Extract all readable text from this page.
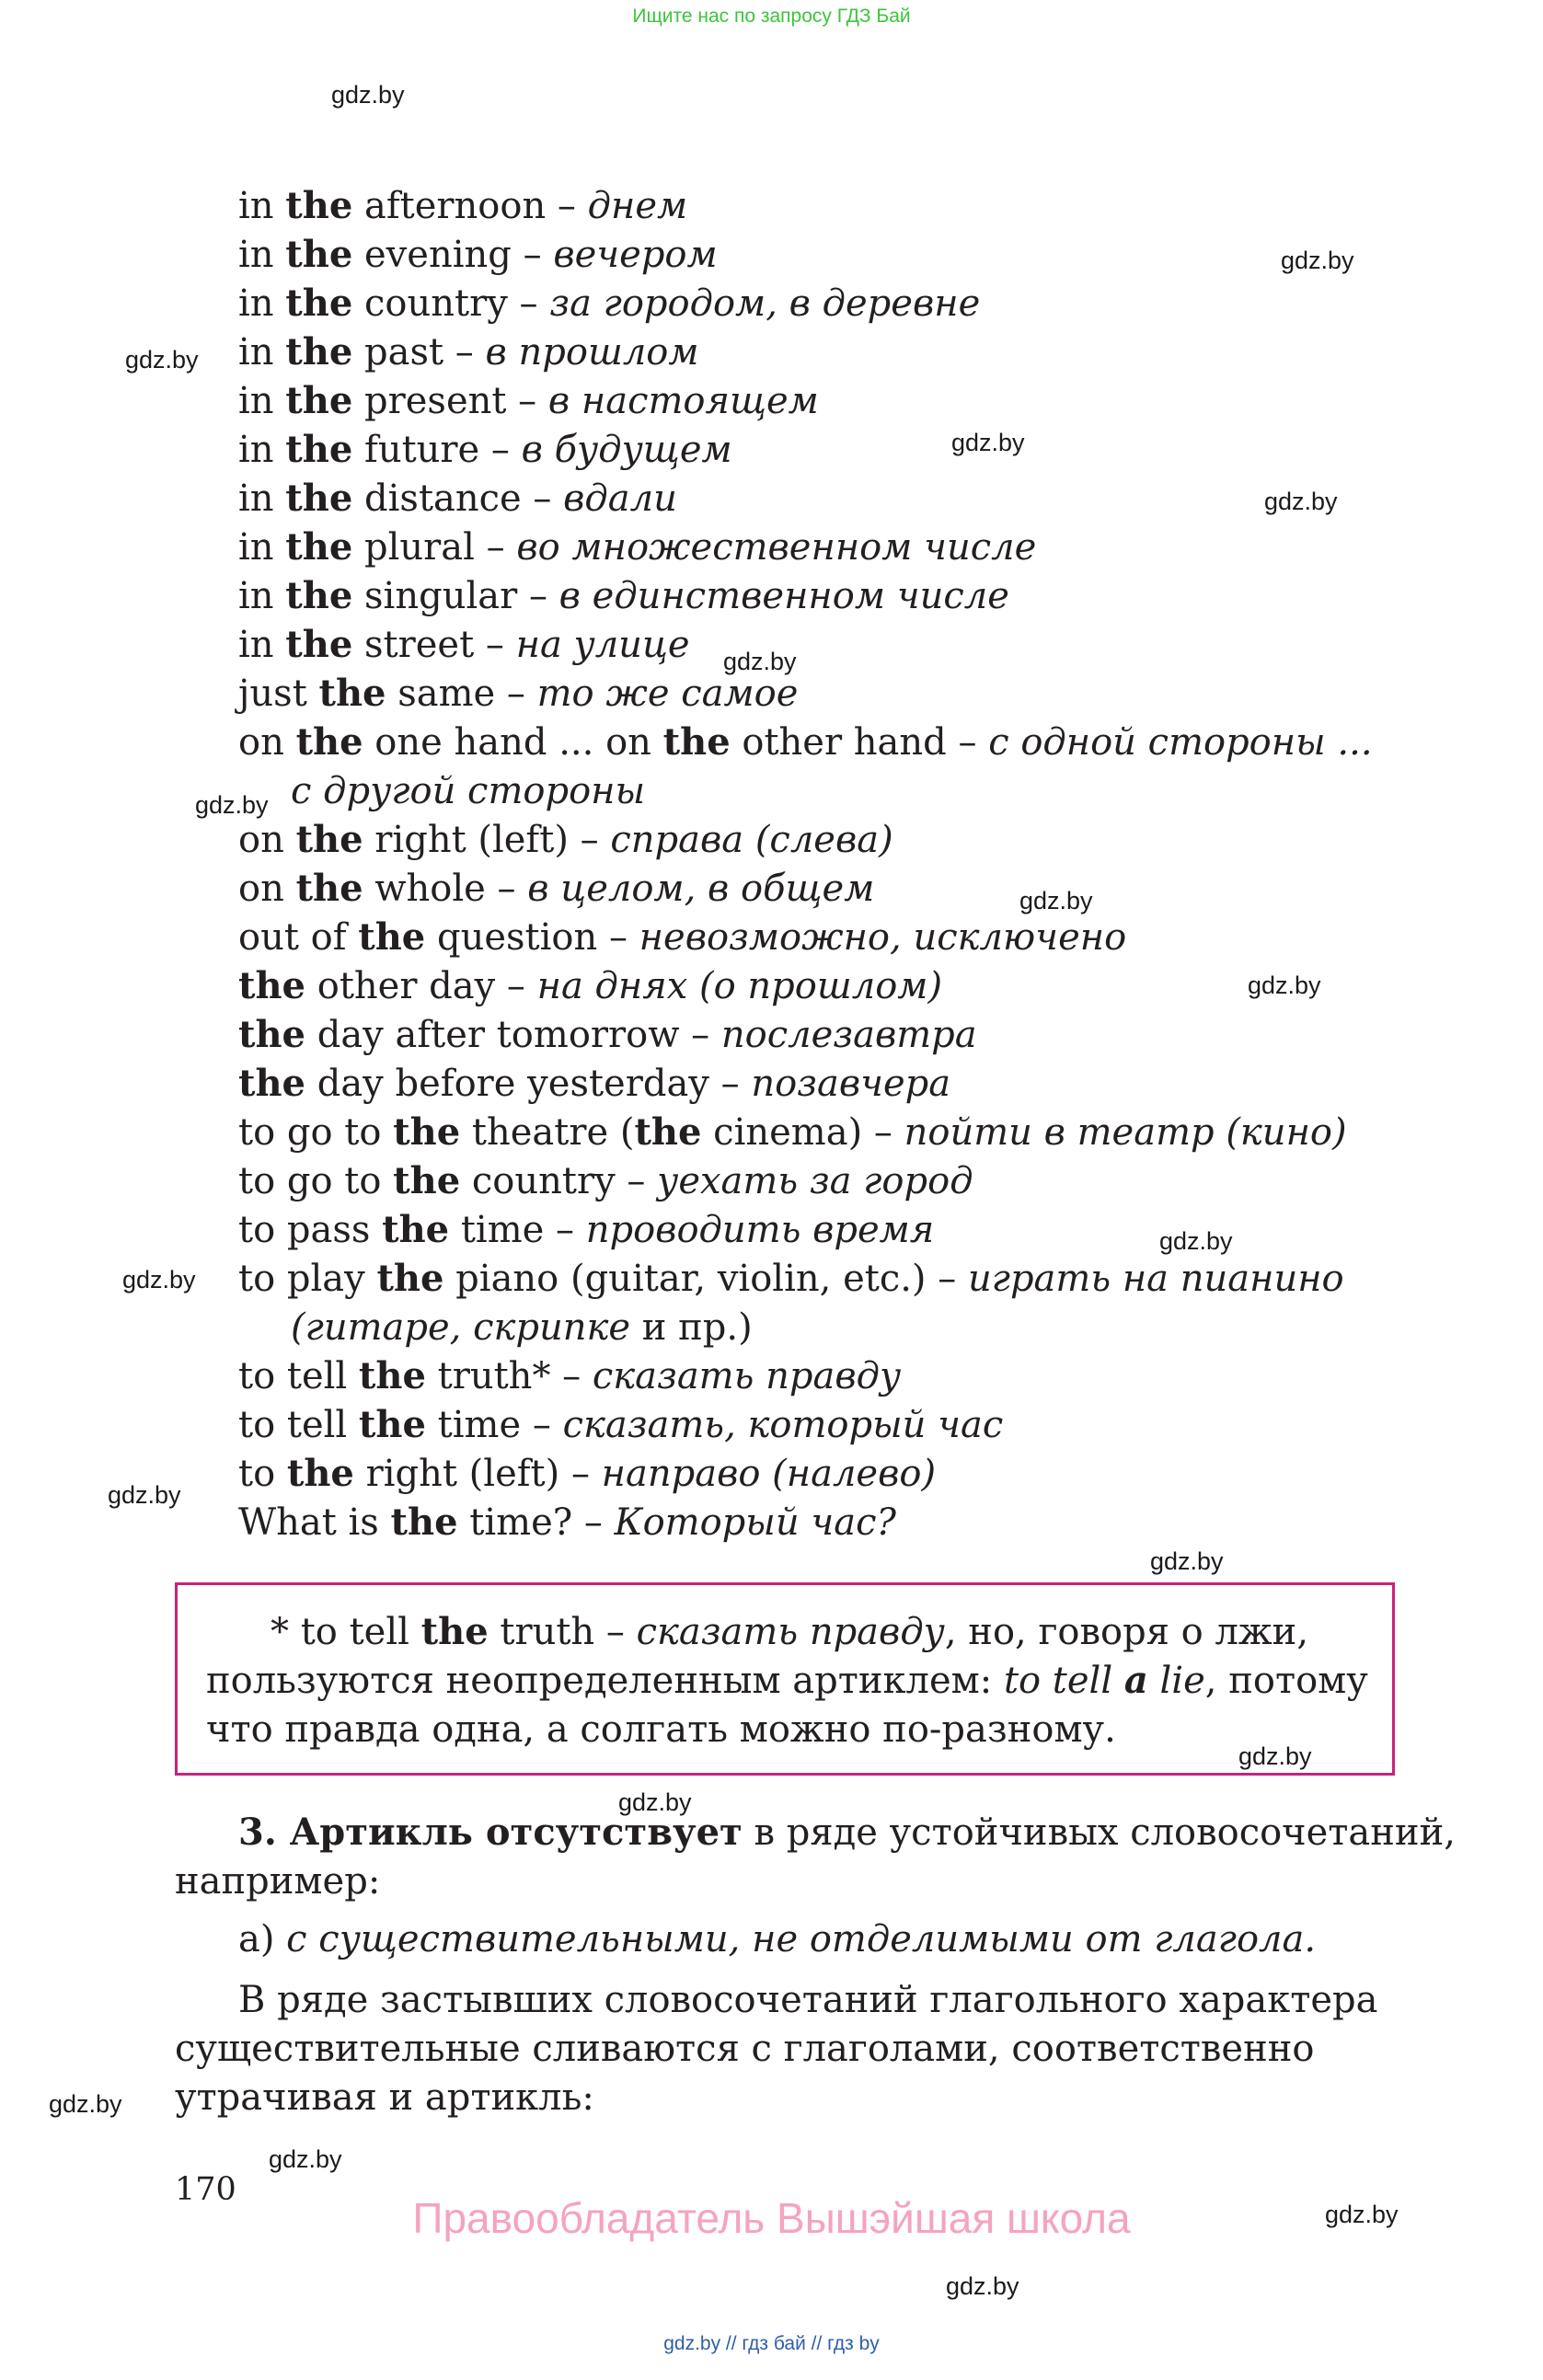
Ищите нас по запросу ГДЗ Бай
gdz.by
gdz.by
gdz.by
gdz.by
gdz.by
gdz.by
gdz.by
gdz.by
gdz.by
gdz.by
gdz.by
gdz.by
gdz.by
gdz.by
gdz.by
gdz.by
gdz.by
gdz.by
gdz.by
in the afternoon – днем
in the evening – вечером
in the country – за городом, в деревне
in the past – в прошлом
in the present – в настоящем
in the future – в будущем
in the distance – вдали
in the plural – во множественном числе
in the singular – в единственном числе
in the street – на улице
just the same – то же самое
on the one hand ... on the other hand – с одной стороны ...
с другой стороны
on the right (left) – справа (слева)
on the whole – в целом, в общем
out of the question – невозможно, исключено
the other day – на днях (о прошлом)
the day after tomorrow – послезавтра
the day before yesterday – позавчера
to go to the theatre (the cinema) – пойти в театр (кино)
to go to the country – уехать за город
to pass the time – проводить время
to play the piano (guitar, violin, etc.) – играть на пианино
(гитаре, скрипке и пр.)
to tell the truth* – сказать правду
to tell the time – сказать, который час
to the right (left) – направо (налево)
What is the time? – Который час?
* to tell the truth – сказать правду, но, говоря о лжи,
пользуются неопределенным артиклем: to tell a lie, потому
что правда одна, а солгать можно по-разному.
3. Артикль отсутствует в ряде устойчивых словосочетаний,
например:
а) с существительными, не отделимыми от глагола.
В ряде застывших словосочетаний глагольного характера
существительные сливаются с глаголами, соответственно
утрачивая и артикль:
170
Правообладатель Вышэйшая школа
gdz.by // гдз бай // гдз by
